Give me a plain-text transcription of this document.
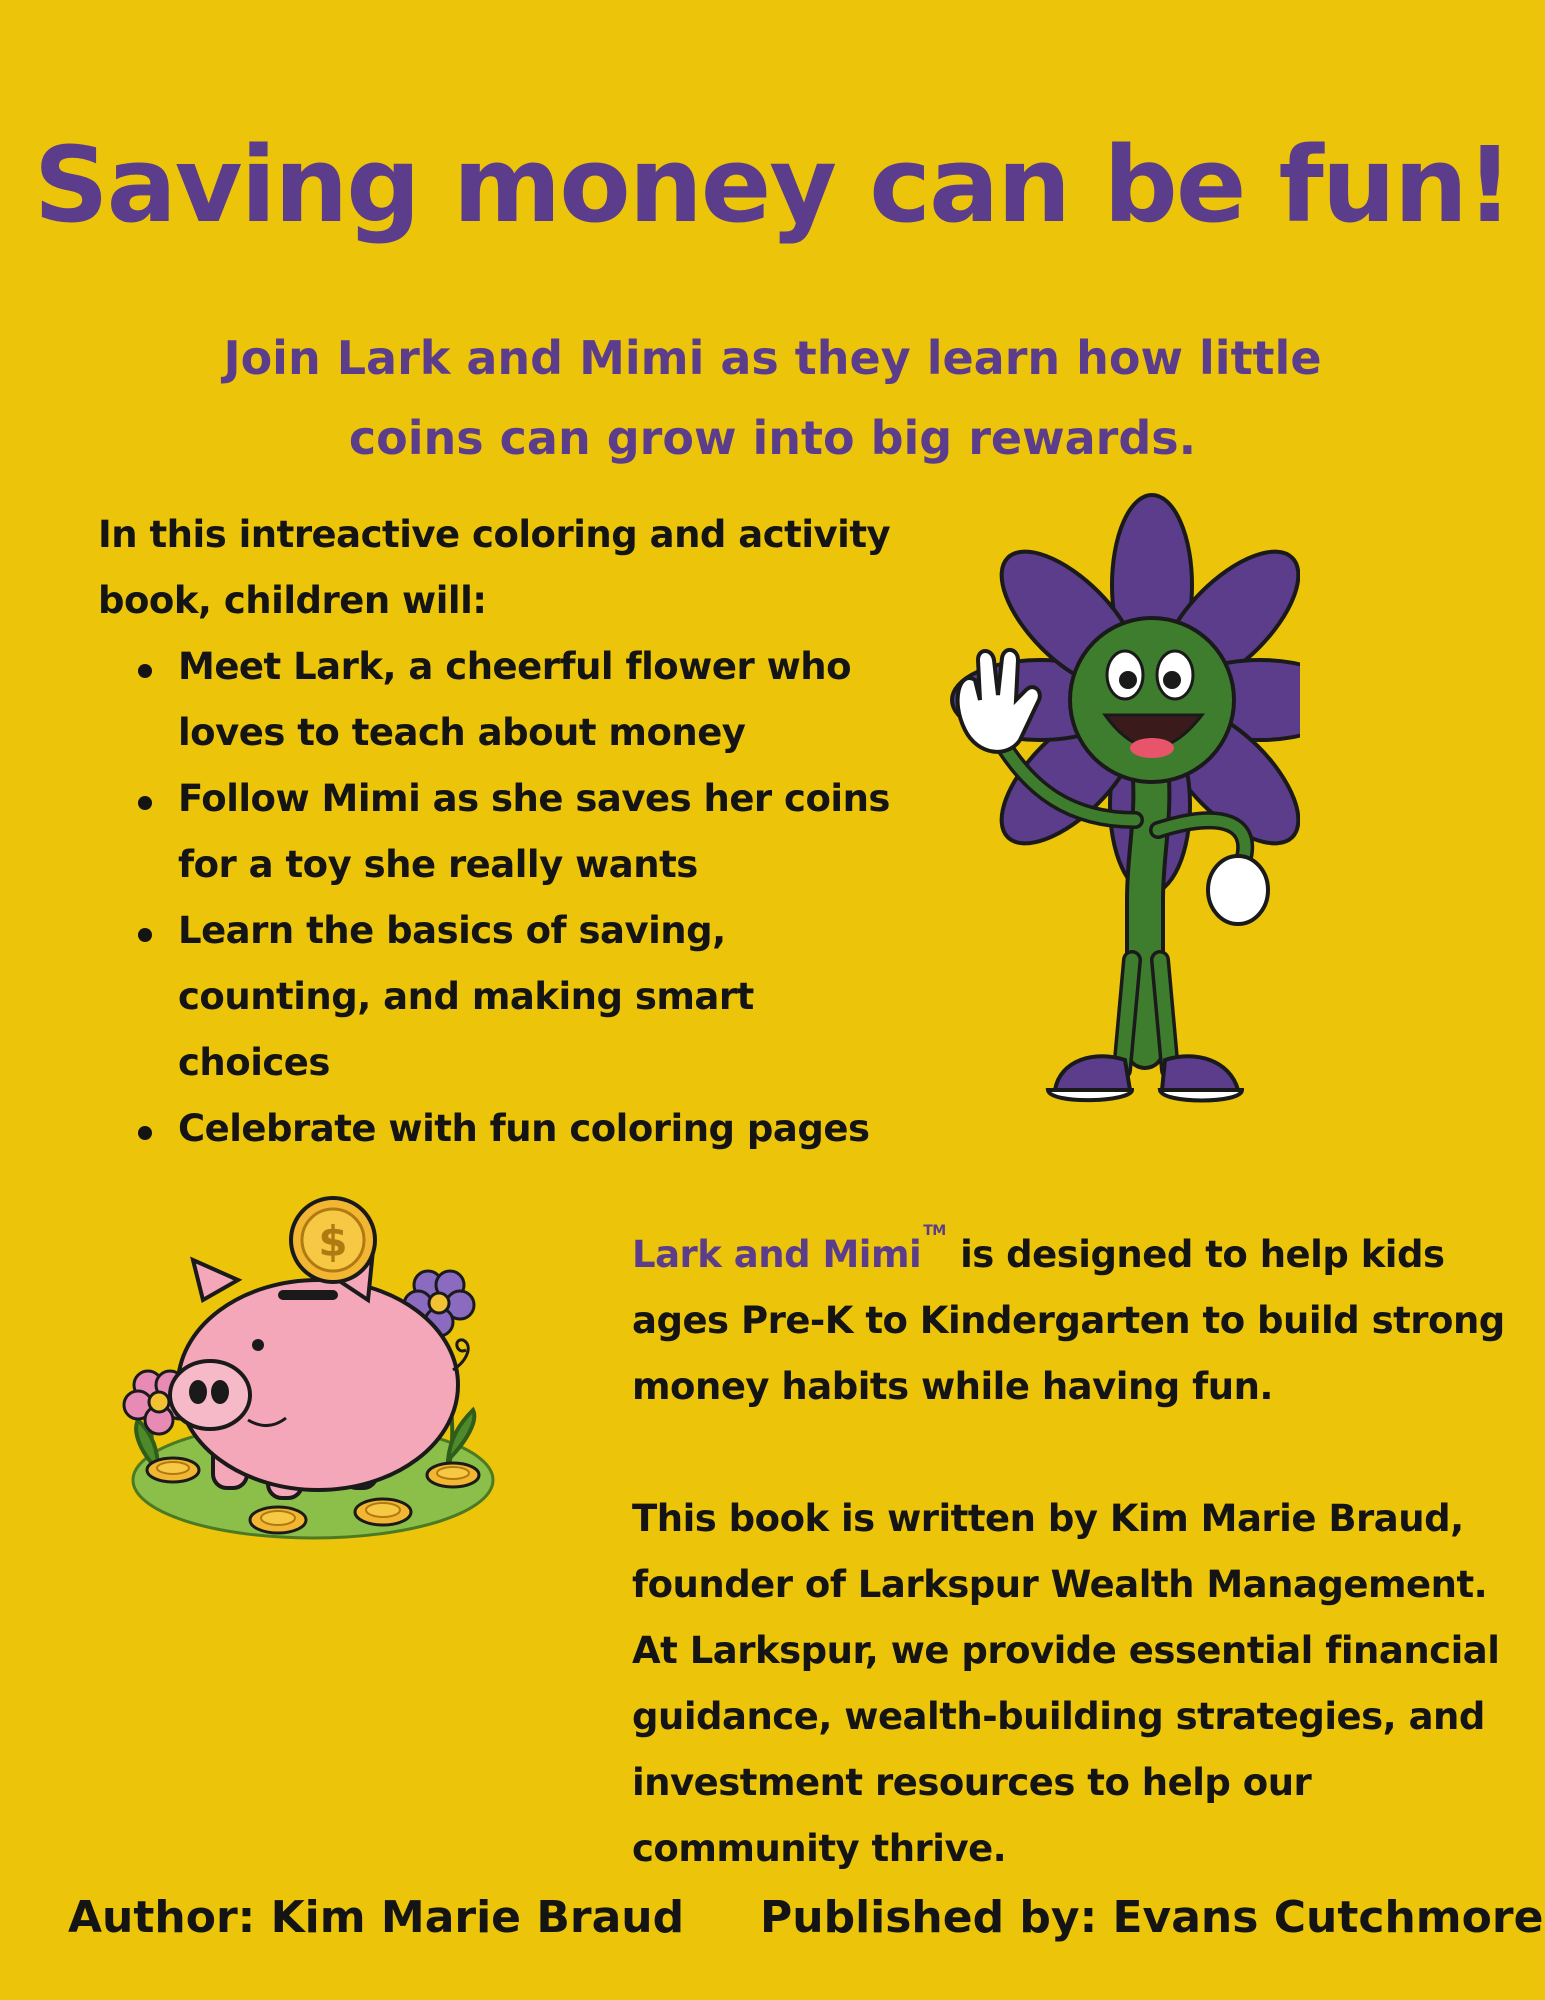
Saving money can be fun!
Join Lark and Mimi as they learn how little
coins can grow into big rewards.
In this intreactive coloring and activity book, children will:
Meet Lark, a cheerful flower who loves to teach about money
Follow Mimi as she saves her coins for a toy she really wants
Learn the basics of saving, counting, and making smart choices
Celebrate with fun coloring pages
$	Lark and Mimi™ is designed to help kids ages Pre-K to Kindergarten to build strong money habits while having fun.

This book is written by Kim Marie Braud, founder of Larkspur Wealth Management. At Larkspur, we provide essential financial guidance, wealth-building strategies, and investment resources to help our community thrive.

Author: Kim Marie Braud Published by: Evans Cutchmore
